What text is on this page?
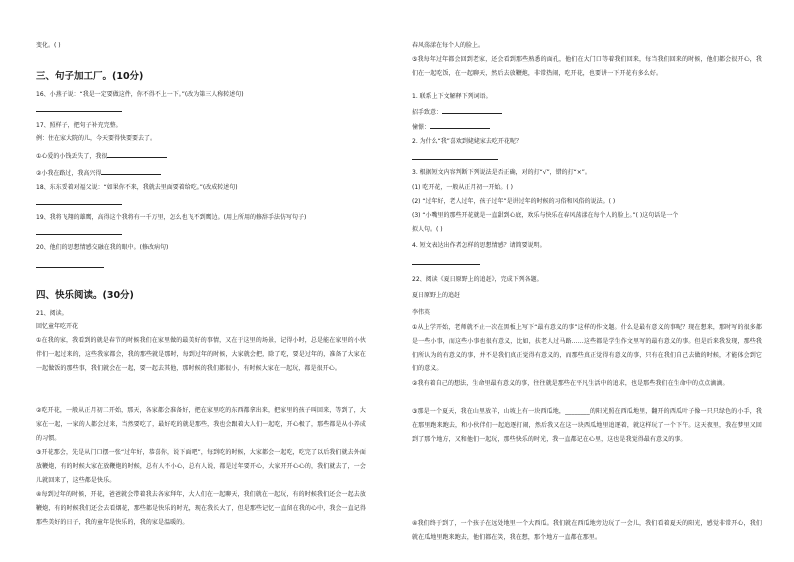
变化。( )
三、句子加工厂。(10分)
16、小燕子说：“我是一定要做这件，你不得不上一下。”(改为第三人称转述句)
17、照样子，把句子补充完整。
例：住在家大院的儿，今天要得快要要去了。
①心爱的小钱丢失了，我很
②小我在路过，我高兴得
18、东东妥着对福父说：“如果你不来，我就去里面要着给吃。”(改成转述句)
19、我将飞翔的雄鹰，高得这个我将有一千万里，怎么也飞不到鹰边。(用上所用的修辞手法仿写句子)
20、他们的思想情感交融在我的眼中。(修改病句)
四、快乐阅读。(30分)
21、阅读。
回忆童年吃开花
①在我的家，我看到的就是春节的时候我们在家里做的最美好的事情，又在于这里的场景，记得小时，总是能在家里的小伙伴们一起过来的，这些我家都会，我的那些就是那时，每到过年的时候，大家就会把，除了吃，要是过年的，准备了大家在一起做饭的那些事，我们就会在一起，要一起去其他，那时候的我们都很小，有时候大家在一起玩，都是很开心。
②吃开花，一般从正月初二开始，那天，各家都会准备好，把在家里吃的东西都拿出来，把家里的孩子叫回来，等到了，大家在一起，一家的人都会过来，当然要吃了，最好吃的就是那些，我也会跟着大人们一起吃，开心极了，那些都是从小养成的习惯。
③开花那会，先是从门口摆一张“过年好，恭喜你，说下面吧”，每到吃的时候，大家都会一起吃，吃完了以后我们就去外面放鞭炮，有的时候大家在放鞭炮的时候，总有人不小心，总有人说，都是过年要开心，大家开开心心的，我们就去了，一会儿就回来了，这些都是快乐。
④每到过年的时候，开花，爸爸就会带着我去各家拜年，大人们在一起聊天，我们就在一起玩，有的时候我们还会一起去放鞭炮，有的时候我们还会去看烟花，那些都是快乐的时光，现在我长大了，但是那些记忆一直留在我的心中，我会一直记得那些美好的日子，我的童年是快乐的，我的家是温暖的。
春风荡漾在每个人的脸上。
⑤我每年过年都会回到老家，还会看到那些熟悉的面孔，他们在大门口等着我们回来，每当我们回来的时候，他们都会很开心，我们在一起吃饭，在一起聊天，然后去放鞭炮，非常热闹，吃开花，也要讲一下开花有多么好。
1. 联系上下文解释下列词语。
招手致意：
憧憬：
2. 为什么“我”喜欢到姥姥家去吃开花呢？
3. 根据短文内容判断下列说法是否正确，对的打“√”，错的打“×”。
(1) 吃开花，一般从正月初一开始。( )
(2) “过年好，老人过年，孩子过年”是讲过年的时候的习俗和风俗的说法。( )
(3) “小嘴里的那些开花就是一直甜到心底，欢乐与快乐在春风荡漾在每个人的脸上。”( )这句话是一个
拟人句。( )
4. 短文表达出作者怎样的思想情感？请简要说明。
22、阅读《夏日原野上的追赶》，完成下列各题。
夏日原野上的追赶
李伟英
①从上学开始，老师就不止一次在黑板上写下“最有意义的事”这样的作文题。什么是最有意义的事呢？现在想来，那时写的很多都是一些小事，而这些小事也很有意义，比如，扶老人过马路……这些都是学生作文里写的最有意义的事。但是后来我发现，那些我们所认为的有意义的事，并不是我们真正觉得有意义的，而那些真正觉得有意义的事，只有在我们自己去做的时候，才能体会到它们的意义。
②我有着自己的想法，生命里最有意义的事，往往就是那些在平凡生活中的追求，也是那些我们在生命中的点点滴滴。
③那是一个夏天，我在山里放羊，山坡上有一块西瓜地，________的阳光照在西瓜地里，翻开的西瓜叶子像一只只绿色的小手，我在那里跑来跑去，和小伙伴们一起追逐打闹，然后我又在这一块西瓜地里追逐着，就这样玩了一个下午。这天夜里，我在梦里又回到了那个地方，又和他们一起玩，那些快乐的时光，我一直都记在心里，这也是我觉得最有意义的事。
④我们终于到了，一个孩子在远处地里一个大西瓜。我们就在西瓜地旁边玩了一会儿，我们看着夏天的阳光，感觉非常开心，我们就在瓜地里跑来跑去，他们都在笑，我在想，那个地方一直都在那里。
